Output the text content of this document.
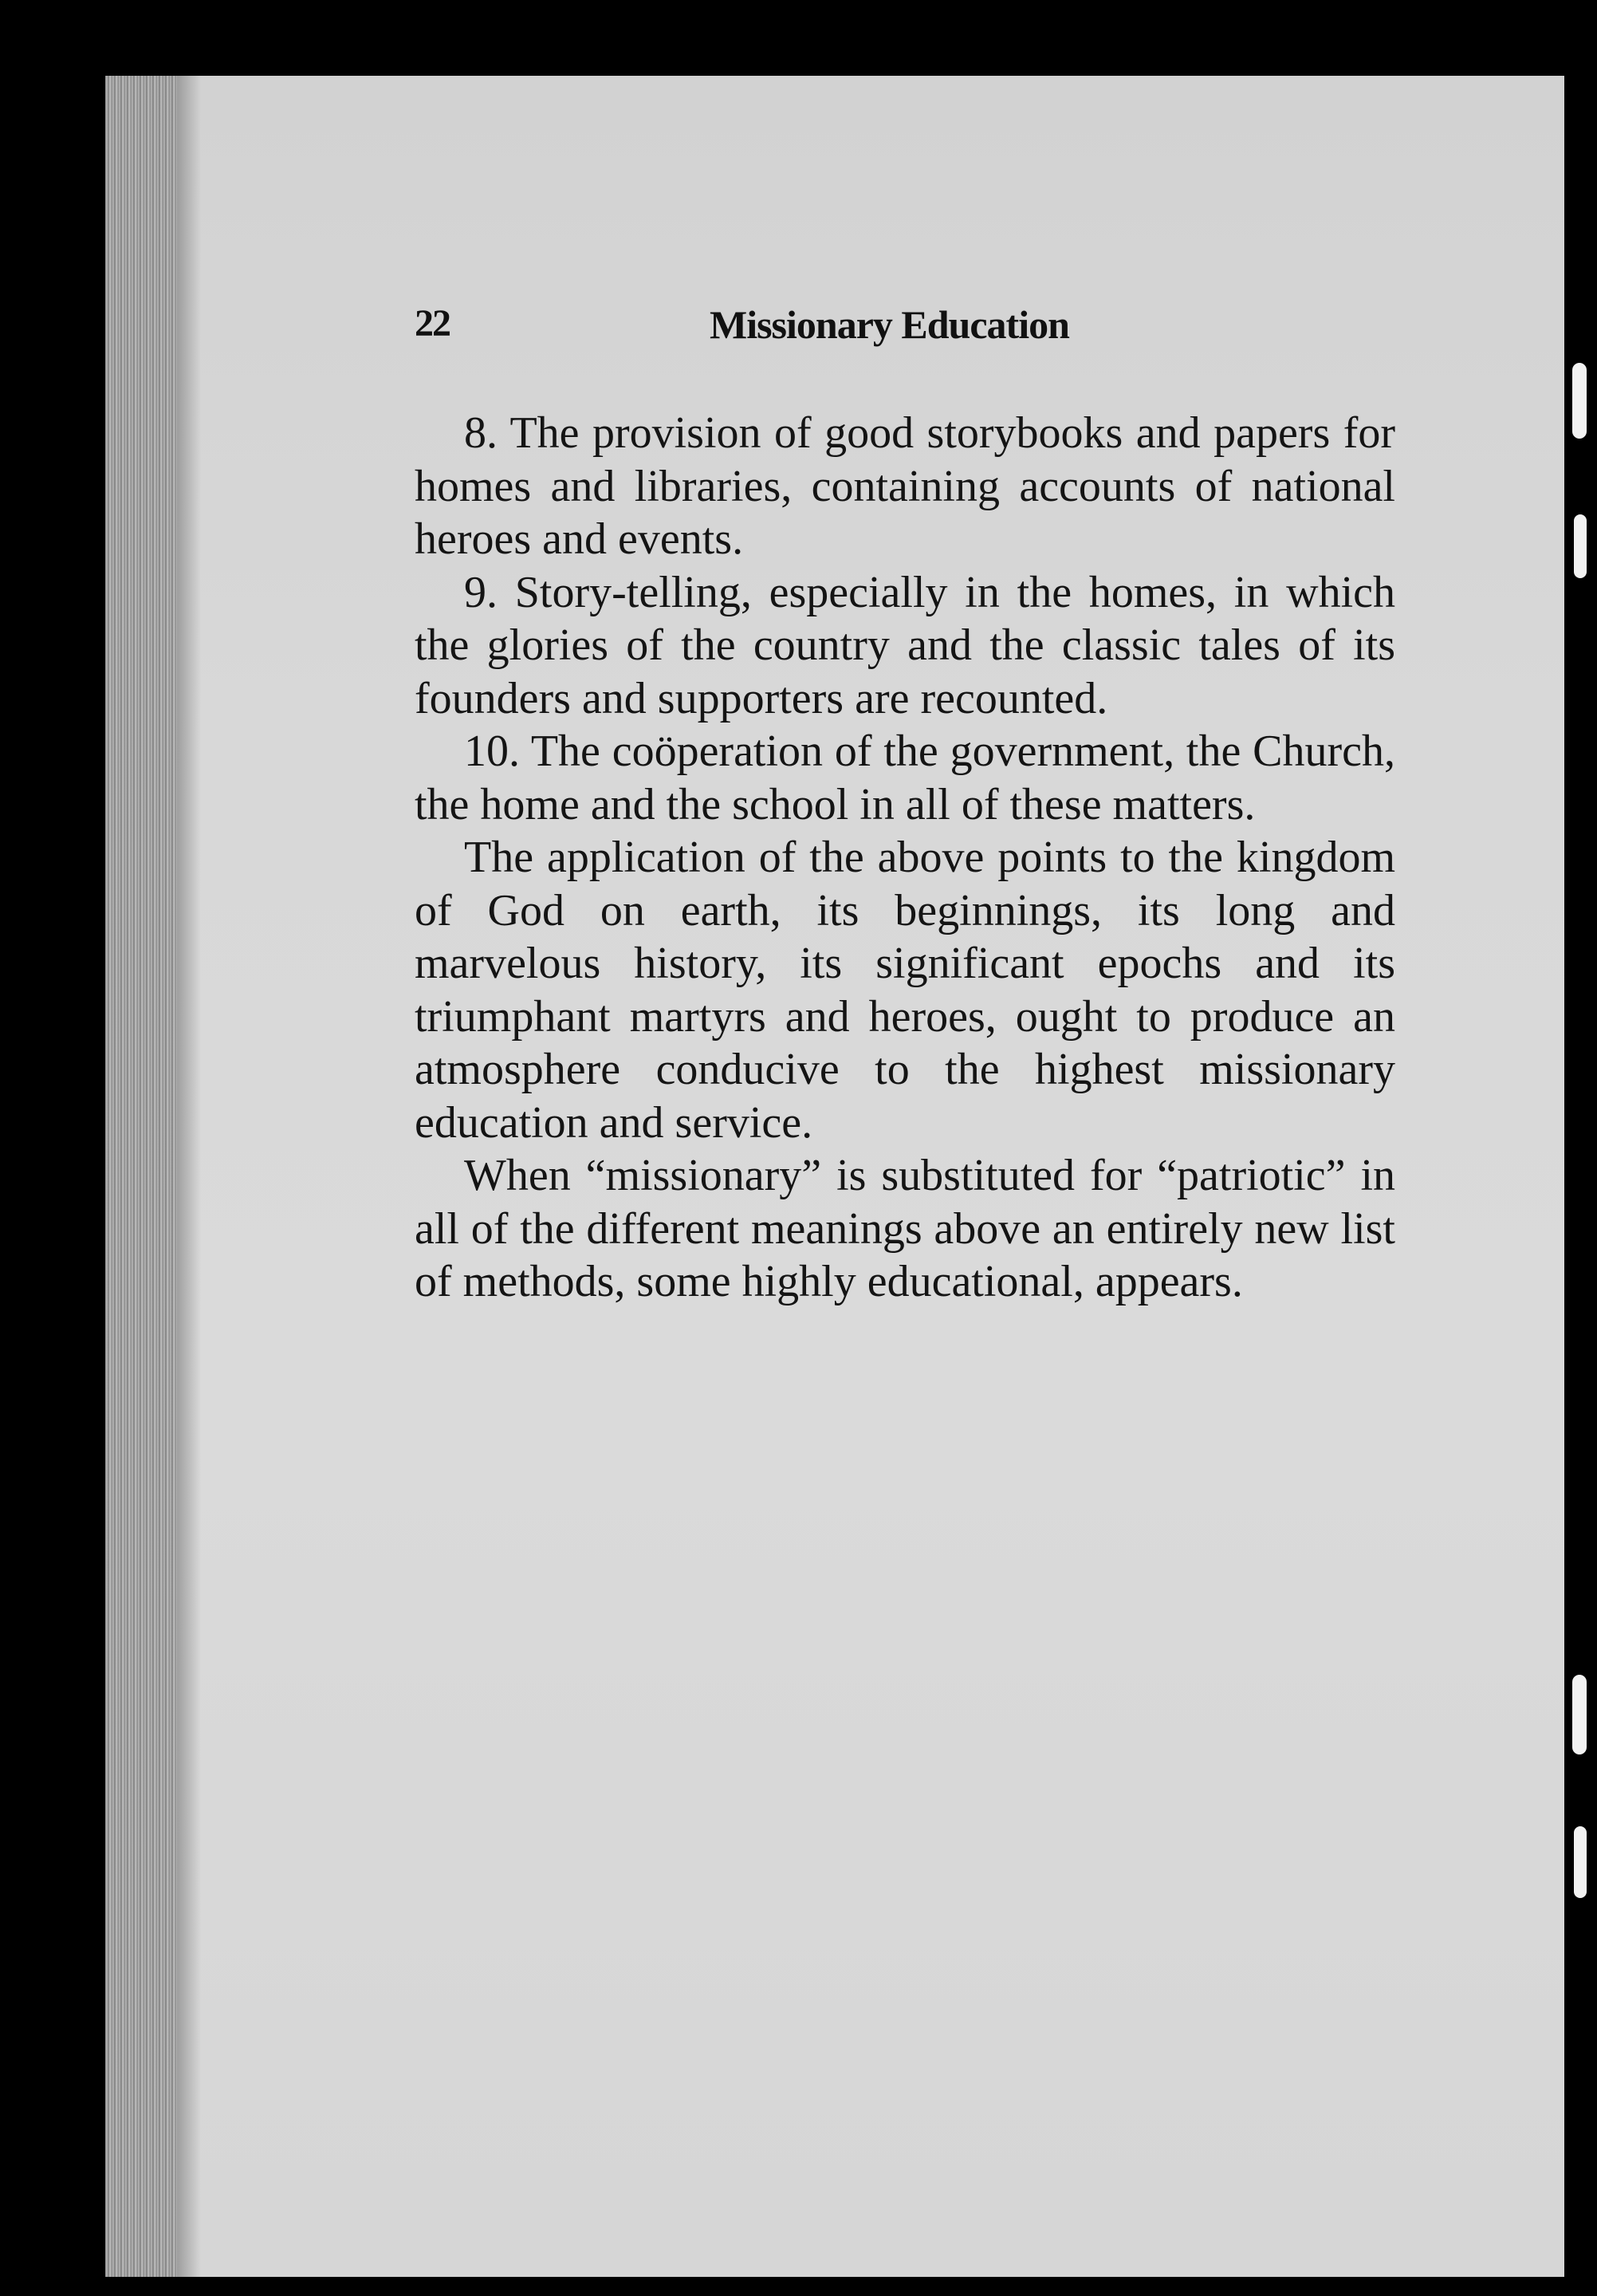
22	Missionary Education

8. The provision of good storybooks and papers for homes and libraries, containing accounts of national heroes and events.

9. Story-telling, especially in the homes, in which the glories of the country and the classic tales of its founders and supporters are recounted.

10. The coöperation of the government, the Church, the home and the school in all of these matters.

The application of the above points to the kingdom of God on earth, its beginnings, its long and marvelous history, its significant epochs and its triumphant martyrs and heroes, ought to produce an atmosphere conducive to the highest missionary education and service.

When “missionary” is substituted for “patriotic” in all of the different meanings above an entirely new list of methods, some highly educational, appears.
